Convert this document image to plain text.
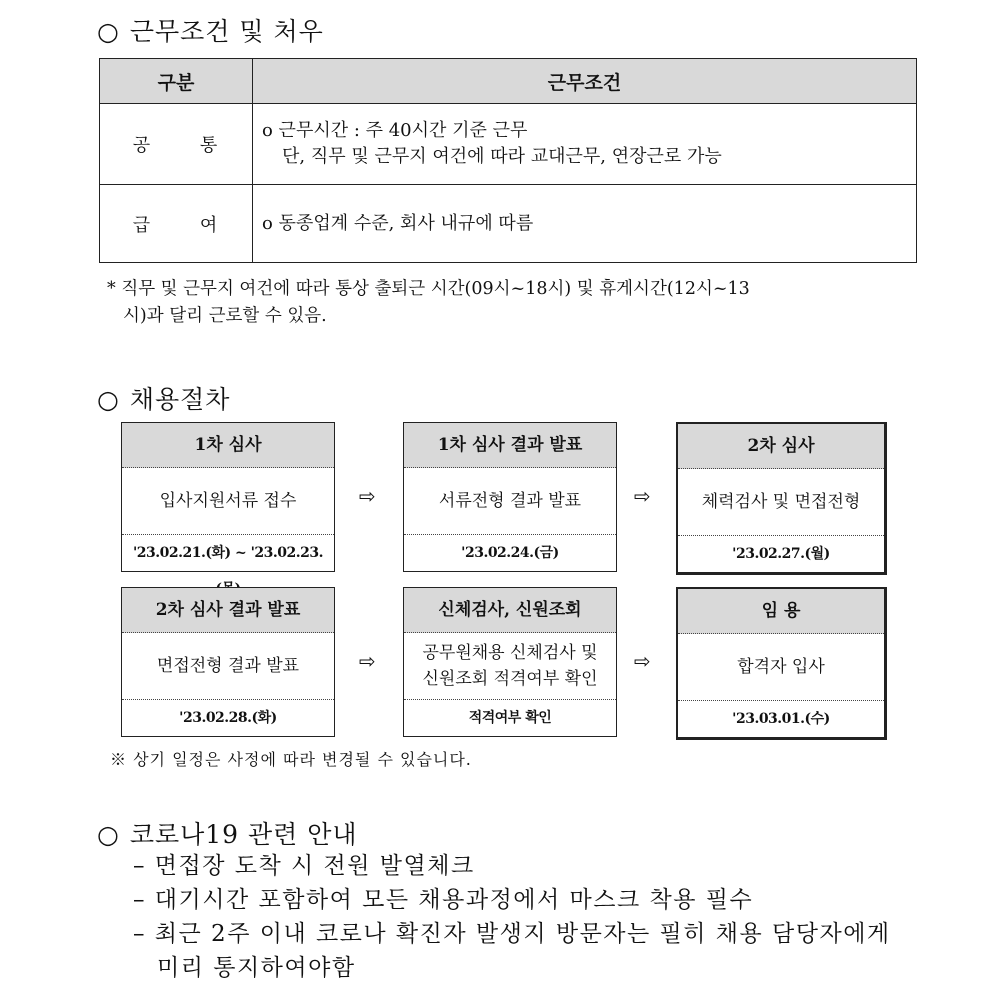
○ 근무조건 및 처우
구분	근무조건
공 통	o 근무시간 : 주 40시간 기준 근무
단, 직무 및 근무지 여건에 따라 교대근무, 연장근로 가능

급 여	o 동종업계 수준, 회사 내규에 따름
* 직무 및 근무지 여건에 따라 통상 출퇴근 시간(09시~18시) 및 휴게시간(12시~13
시)과 달리 근로할 수 있음.
○ 채용절차
1차 심사
입사지원서류 접수
'23.02.21.(화) ~ '23.02.23.
⇨
1차 심사 결과 발표
서류전형 결과 발표
'23.02.24.(금)
⇨
2차 심사
체력검사 및 면접전형
'23.02.27.(월)
2차 심사 결과 발표
면접전형 결과 발표
'23.02.28.(화)
⇨
신체검사, 신원조회
공무원채용 신체검사 및
신원조회 적격여부 확인
적격여부 확인
⇨
임 용
합격자 입사
'23.03.01.(수)
※ 상기 일정은 사정에 따라 변경될 수 있습니다.
○ 코로나19 관련 안내
– 면접장 도착 시 전원 발열체크
– 대기시간 포함하여 모든 채용과정에서 마스크 착용 필수
– 최근 2주 이내 코로나 확진자 발생지 방문자는 필히 채용 담당자에게
미리 통지하여야함
